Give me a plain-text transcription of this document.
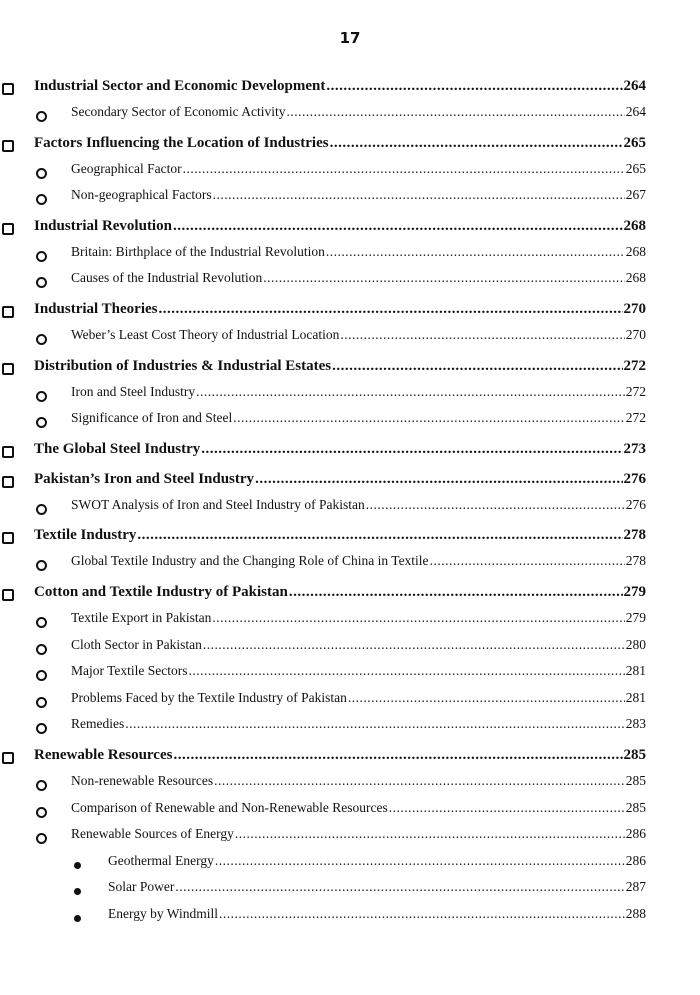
17
Industrial Sector and Economic Development .....	264
Secondary Sector of Economic Activity .....	264
Factors Influencing the Location of Industries .....	265
Geographical Factor .....	265
Non-geographical Factors .....	267
Industrial Revolution .....	268
Britain: Birthplace of the Industrial Revolution .....	268
Causes of the Industrial Revolution .....	268
Industrial Theories .....	270
Weber’s Least Cost Theory of Industrial Location .....	270
Distribution of Industries & Industrial Estates .....	272
Iron and Steel Industry .....	272
Significance of Iron and Steel .....	272
The Global Steel Industry .....	273
Pakistan’s Iron and Steel Industry .....	276
SWOT Analysis of Iron and Steel Industry of Pakistan .....	276
Textile Industry .....	278
Global Textile Industry and the Changing Role of China in Textile .....	278
Cotton and Textile Industry of Pakistan .....	279
Textile Export in Pakistan .....	279
Cloth Sector in Pakistan .....	280
Major Textile Sectors .....	281
Problems Faced by the Textile Industry of Pakistan .....	281
Remedies .....	283
Renewable Resources .....	285
Non-renewable Resources .....	285
Comparison of Renewable and Non-Renewable Resources .....	285
Renewable Sources of Energy .....	286
Geothermal Energy .....	286
Solar Power .....	287
Energy by Windmill .....	288
